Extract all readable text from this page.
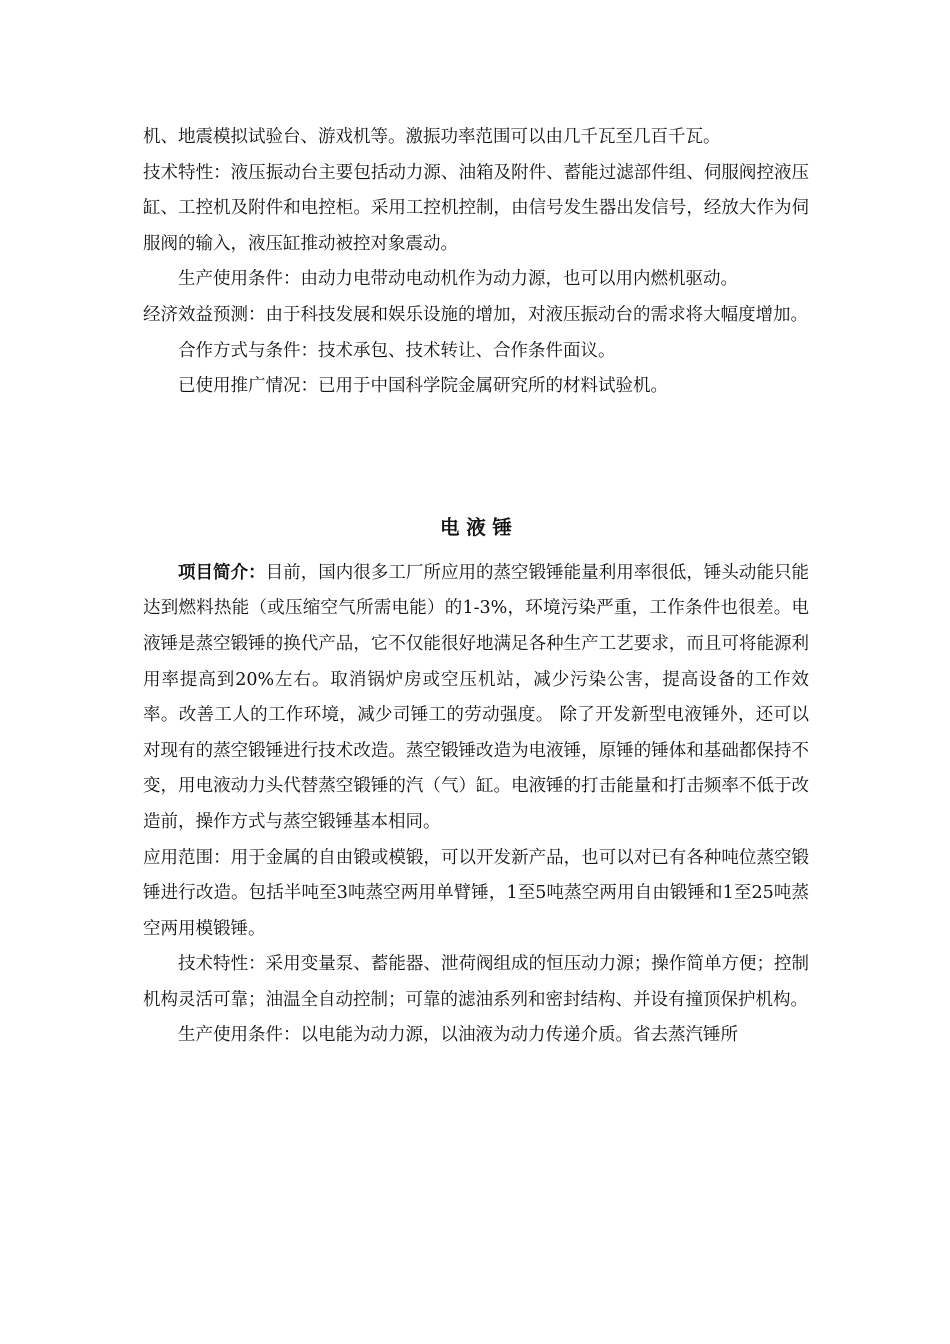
机、地震模拟试验台、游戏机等。激振功率范围可以由几千瓦至几百千瓦。

技术特性：液压振动台主要包括动力源、油箱及附件、蓄能过滤部件组、伺服阀控液压缸、工控机及附件和电控柜。采用工控机控制，由信号发生器出发信号，经放大作为伺服阀的输入，液压缸推动被控对象震动。

生产使用条件：由动力电带动电动机作为动力源，也可以用内燃机驱动。

经济效益预测：由于科技发展和娱乐设施的增加，对液压振动台的需求将大幅度增加。

合作方式与条件：技术承包、技术转让、合作条件面议。

已使用推广情况：已用于中国科学院金属研究所的材料试验机。

电 液 锤

项目简介：目前，国内很多工厂所应用的蒸空锻锤能量利用率很低，锤头动能只能达到燃料热能（或压缩空气所需电能）的1-3%，环境污染严重，工作条件也很差。电液锤是蒸空锻锤的换代产品，它不仅能很好地满足各种生产工艺要求，而且可将能源利用率提高到20%左右。取消锅炉房或空压机站，减少污染公害，提高设备的工作效率。改善工人的工作环境，减少司锤工的劳动强度。 除了开发新型电液锤外，还可以对现有的蒸空锻锤进行技术改造。蒸空锻锤改造为电液锤，原锤的锤体和基础都保持不变，用电液动力头代替蒸空锻锤的汽（气）缸。电液锤的打击能量和打击频率不低于改造前，操作方式与蒸空锻锤基本相同。

应用范围：用于金属的自由锻或模锻，可以开发新产品，也可以对已有各种吨位蒸空锻锤进行改造。包括半吨至3吨蒸空两用单臂锤，1至5吨蒸空两用自由锻锤和1至25吨蒸空两用模锻锤。

技术特性：采用变量泵、蓄能器、泄荷阀组成的恒压动力源；操作简单方便；控制机构灵活可靠；油温全自动控制；可靠的滤油系列和密封结构、并设有撞顶保护机构。

生产使用条件：以电能为动力源，以油液为动力传递介质。省去蒸汽锤所
